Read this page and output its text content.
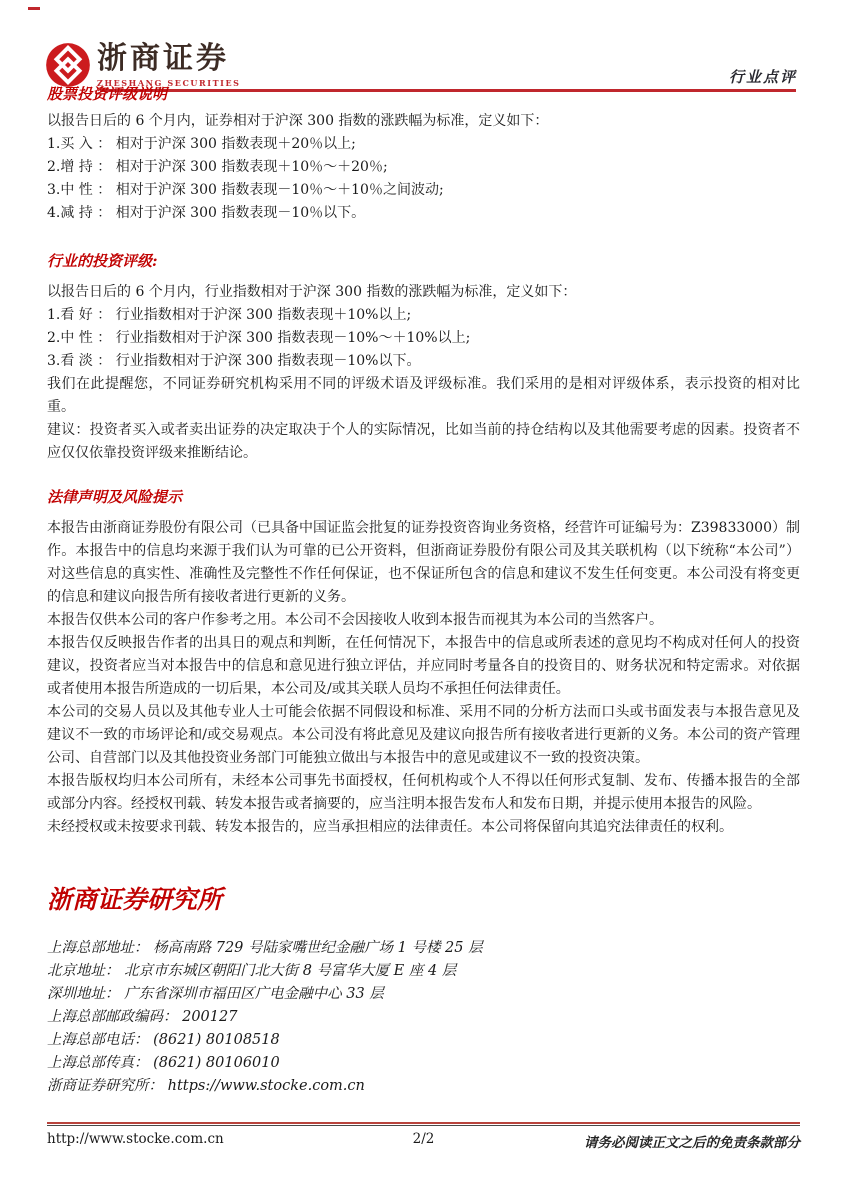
浙商证券
ZHESHANG SECURITIES	行业点评
股票投资评级说明

以报告日后的 6 个月内，证券相对于沪深 300 指数的涨跌幅为标准，定义如下：

1.买 入 ： 相对于沪深 300 指数表现＋20％以上;

2.增 持 ： 相对于沪深 300 指数表现＋10％～＋20％;

3.中 性 ： 相对于沪深 300 指数表现－10％～＋10％之间波动;

4.减 持 ： 相对于沪深 300 指数表现－10％以下。

行业的投资评级:

以报告日后的 6 个月内，行业指数相对于沪深 300 指数的涨跌幅为标准，定义如下：

1.看 好 ： 行业指数相对于沪深 300 指数表现＋10%以上;

2.中 性 ： 行业指数相对于沪深 300 指数表现－10%～＋10%以上;

3.看 淡 ： 行业指数相对于沪深 300 指数表现－10%以下。

我们在此提醒您，不同证券研究机构采用不同的评级术语及评级标准。我们采用的是相对评级体系，表示投资的相对比重。

建议：投资者买入或者卖出证券的决定取决于个人的实际情况，比如当前的持仓结构以及其他需要考虑的因素。投资者不应仅仅依靠投资评级来推断结论。

法律声明及风险提示

本报告由浙商证券股份有限公司（已具备中国证监会批复的证券投资咨询业务资格，经营许可证编号为：Z39833000）制作。本报告中的信息均来源于我们认为可靠的已公开资料，但浙商证券股份有限公司及其关联机构（以下统称“本公司”）对这些信息的真实性、准确性及完整性不作任何保证，也不保证所包含的信息和建议不发生任何变更。本公司没有将变更的信息和建议向报告所有接收者进行更新的义务。

本报告仅供本公司的客户作参考之用。本公司不会因接收人收到本报告而视其为本公司的当然客户。

本报告仅反映报告作者的出具日的观点和判断，在任何情况下，本报告中的信息或所表述的意见均不构成对任何人的投资建议，投资者应当对本报告中的信息和意见进行独立评估，并应同时考量各自的投资目的、财务状况和特定需求。对依据或者使用本报告所造成的一切后果，本公司及/或其关联人员均不承担任何法律责任。

本公司的交易人员以及其他专业人士可能会依据不同假设和标准、采用不同的分析方法而口头或书面发表与本报告意见及建议不一致的市场评论和/或交易观点。本公司没有将此意见及建议向报告所有接收者进行更新的义务。本公司的资产管理公司、自营部门以及其他投资业务部门可能独立做出与本报告中的意见或建议不一致的投资决策。

本报告版权均归本公司所有，未经本公司事先书面授权，任何机构或个人不得以任何形式复制、发布、传播本报告的全部或部分内容。经授权刊载、转发本报告或者摘要的，应当注明本报告发布人和发布日期，并提示使用本报告的风险。

未经授权或未按要求刊载、转发本报告的，应当承担相应的法律责任。本公司将保留向其追究法律责任的权利。

浙商证券研究所

上海总部地址： 杨高南路 729 号陆家嘴世纪金融广场 1 号楼 25 层

北京地址： 北京市东城区朝阳门北大街 8 号富华大厦 E 座 4 层

深圳地址： 广东省深圳市福田区广电金融中心 33 层

上海总部邮政编码： 200127

上海总部电话： (8621) 80108518

上海总部传真： (8621) 80106010

浙商证券研究所： https://www.stocke.com.cn

http://www.stocke.com.cn	2/2	请务必阅读正文之后的免责条款部分
